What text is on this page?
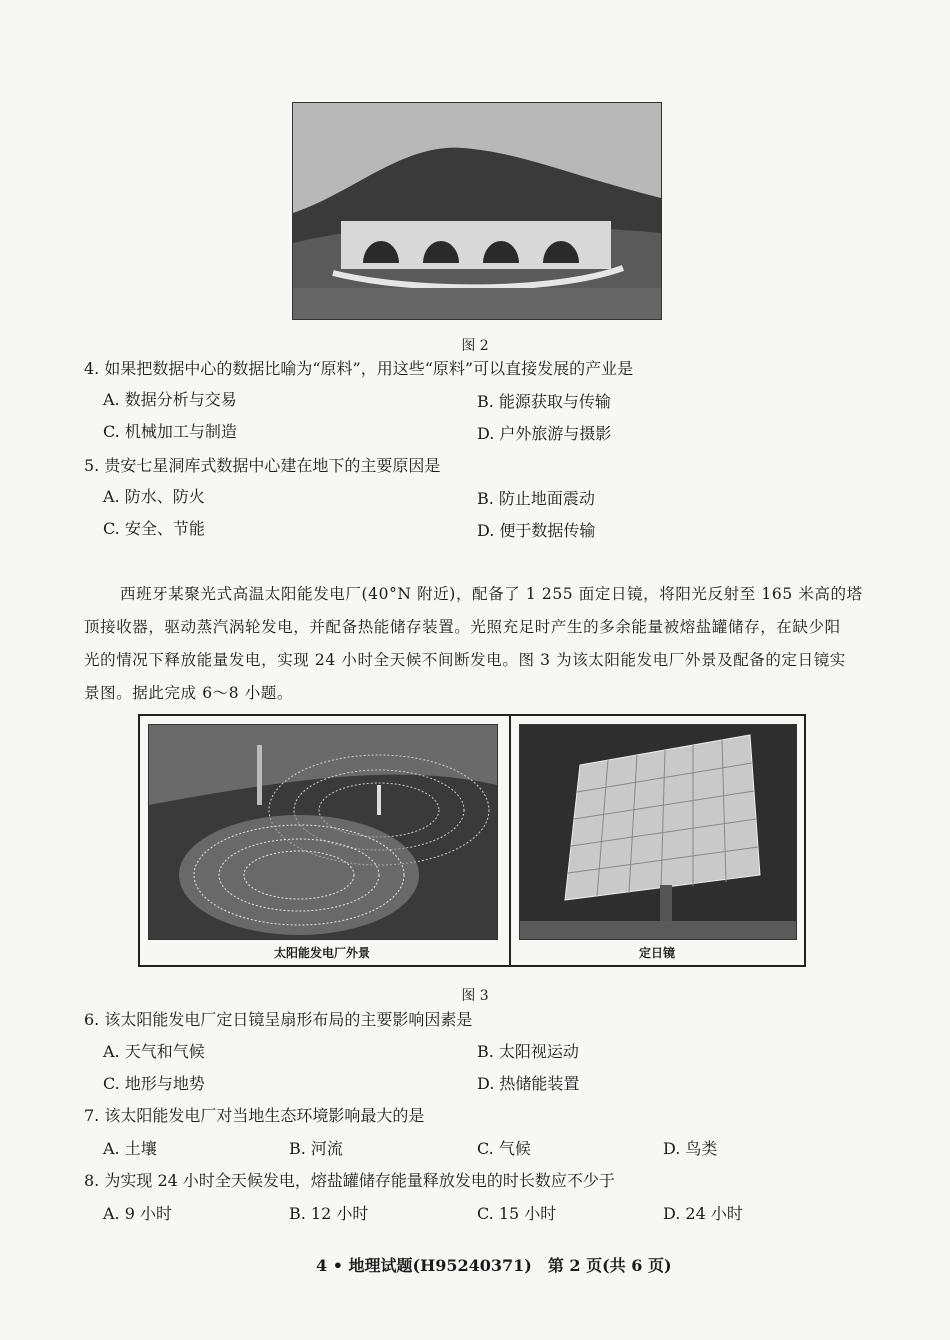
图 2
4. 如果把数据中心的数据比喻为“原料”，用这些“原料”可以直接发展的产业是
A. 数据分析与交易	B. 能源获取与传输
C. 机械加工与制造	D. 户外旅游与摄影
5. 贵安七星洞库式数据中心建在地下的主要原因是
A. 防水、防火	B. 防止地面震动
C. 安全、节能	D. 便于数据传输
西班牙某聚光式高温太阳能发电厂(40°N 附近)，配备了 1 255 面定日镜，将阳光反射至 165 米高的塔
顶接收器，驱动蒸汽涡轮发电，并配备热能储存装置。光照充足时产生的多余能量被熔盐罐储存，在缺少阳
光的情况下释放能量发电，实现 24 小时全天候不间断发电。图 3 为该太阳能发电厂外景及配备的定日镜实
景图。据此完成 6～8 小题。
太阳能发电厂外景	定日镜
图 3
6. 该太阳能发电厂定日镜呈扇形布局的主要影响因素是
A. 天气和气候	B. 太阳视运动
C. 地形与地势	D. 热储能装置
7. 该太阳能发电厂对当地生态环境影响最大的是
A. 土壤	B. 河流	C. 气候	D. 鸟类
8. 为实现 24 小时全天候发电，熔盐罐储存能量释放发电的时长数应不少于
A. 9 小时	B. 12 小时	C. 15 小时	D. 24 小时
4 • 地理试题(H95240371)　第 2 页(共 6 页)
